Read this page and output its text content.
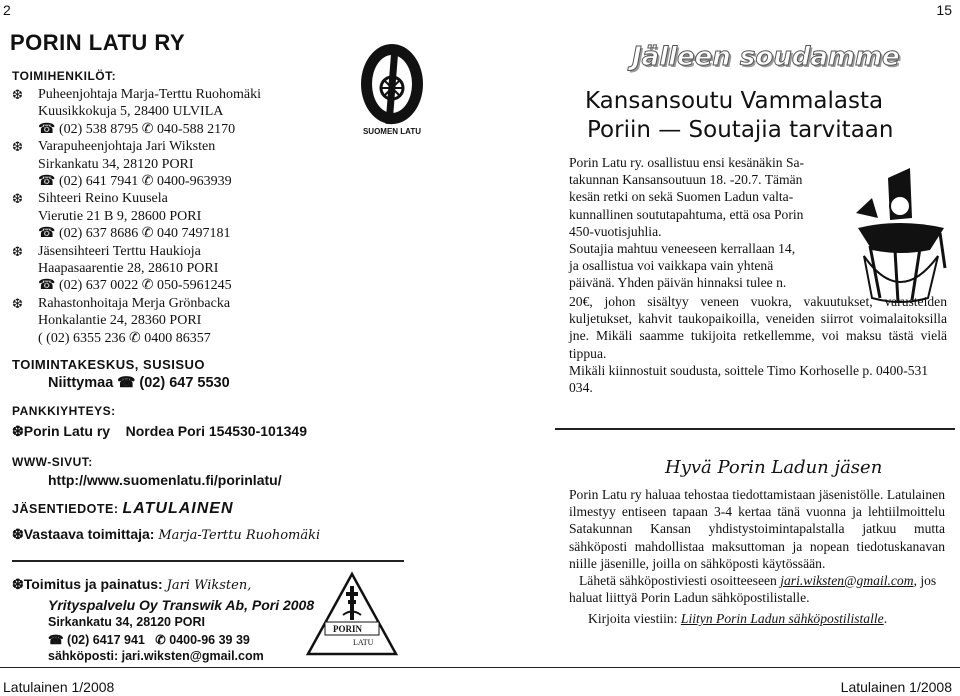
2	15
PORIN LATU RY
TOIMIHENKILÖT:
❆	Puheenjohtaja Marja-Terttu Ruohomäki
Kuusikkokuja 5, 28400 ULVILA
☎ (02) 538 8795 ✆ 040-588 2170
❆	Varapuheenjohtaja Jari Wiksten
Sirkankatu 34, 28120 PORI
☎ (02) 641 7941 ✆ 0400-963939
❆	Sihteeri Reino Kuusela
Vierutie 21 B 9, 28600 PORI
☎ (02) 637 8686 ✆ 040 7497181
❆	Jäsensihteeri Terttu Haukioja
Haapasaarentie 28, 28610 PORI
☎ (02) 637 0022 ✆ 050-5961245
❆	Rahastonhoitaja Merja Grönbacka
Honkalantie 24, 28360 PORI
( (02) 6355 236 ✆ 0400 86357
SUOMEN LATU
TOIMINTAKESKUS, SUSISUO
Niittymaa ☎ (02) 647 5530
PANKKIYHTEYS:
❆Porin Latu ry    Nordea Pori 154530-101349
WWW-SIVUT:
http://www.suomenlatu.fi/porinlatu/
JÄSENTIEDOTE: LATULAINEN
❆Vastaava toimittaja: Marja-Terttu Ruohomäki
❆Toimitus ja painatus: Jari Wiksten,
Yrityspalvelu Oy Transwik Ab, Pori 2008
Sirkankatu 34, 28120 PORI
☎ (02) 6417 941   ✆ 0400-96 39 39
sähköposti: jari.wiksten@gmail.com
PORIN
LATU
Latulainen 1/2008	Latulainen 1/2008
Jälleen soudamme
Kansansoutu Vammalasta
Poriin — Soutajia tarvitaan
Porin Latu ry. osallistuu ensi kesänäkin Sa-
takunnan Kansansoutuun 18. -20.7. Tämän
kesän retki on sekä Suomen Ladun valta-
kunnallinen soututapahtuma, että osa Porin
450-vuotisjuhlia.
Soutajia mahtuu veneeseen kerrallaan 14,
ja osallistua voi vaikkapa vain yhtenä
päivänä. Yhden päivän hinnaksi tulee n.
20€, johon sisältyy veneen vuokra, vakuutukset, varusteiden kuljetukset, kahvit taukopaikoilla, veneiden siirrot voimalaitoksilla jne. Mikäli saamme tukijoita retkellemme, voi maksu tästä vielä tippua.
Mikäli kiinnostuit soudusta, soittele Timo Korhoselle p. 0400-531 034.
Hyvä Porin Ladun jäsen
Porin Latu ry haluaa tehostaa tiedottamistaan jäsenistölle. Latulainen ilmestyy entiseen tapaan 3-4 kertaa tänä vuonna ja lehtiilmoittelu Satakunnan Kansan yhdistystoimintapalstalla jatkuu mutta sähköposti mahdollistaa maksuttoman ja nopean tiedotuskanavan niille jäsenille, joilla on sähköposti käytössään.
Lähetä sähköpostiviesti osoitteeseen jari.wiksten@gmail.com, jos haluat liittyä Porin Ladun sähköpostilistalle.
Kirjoita viestiin: Liityn Porin Ladun sähköpostilistalle.
